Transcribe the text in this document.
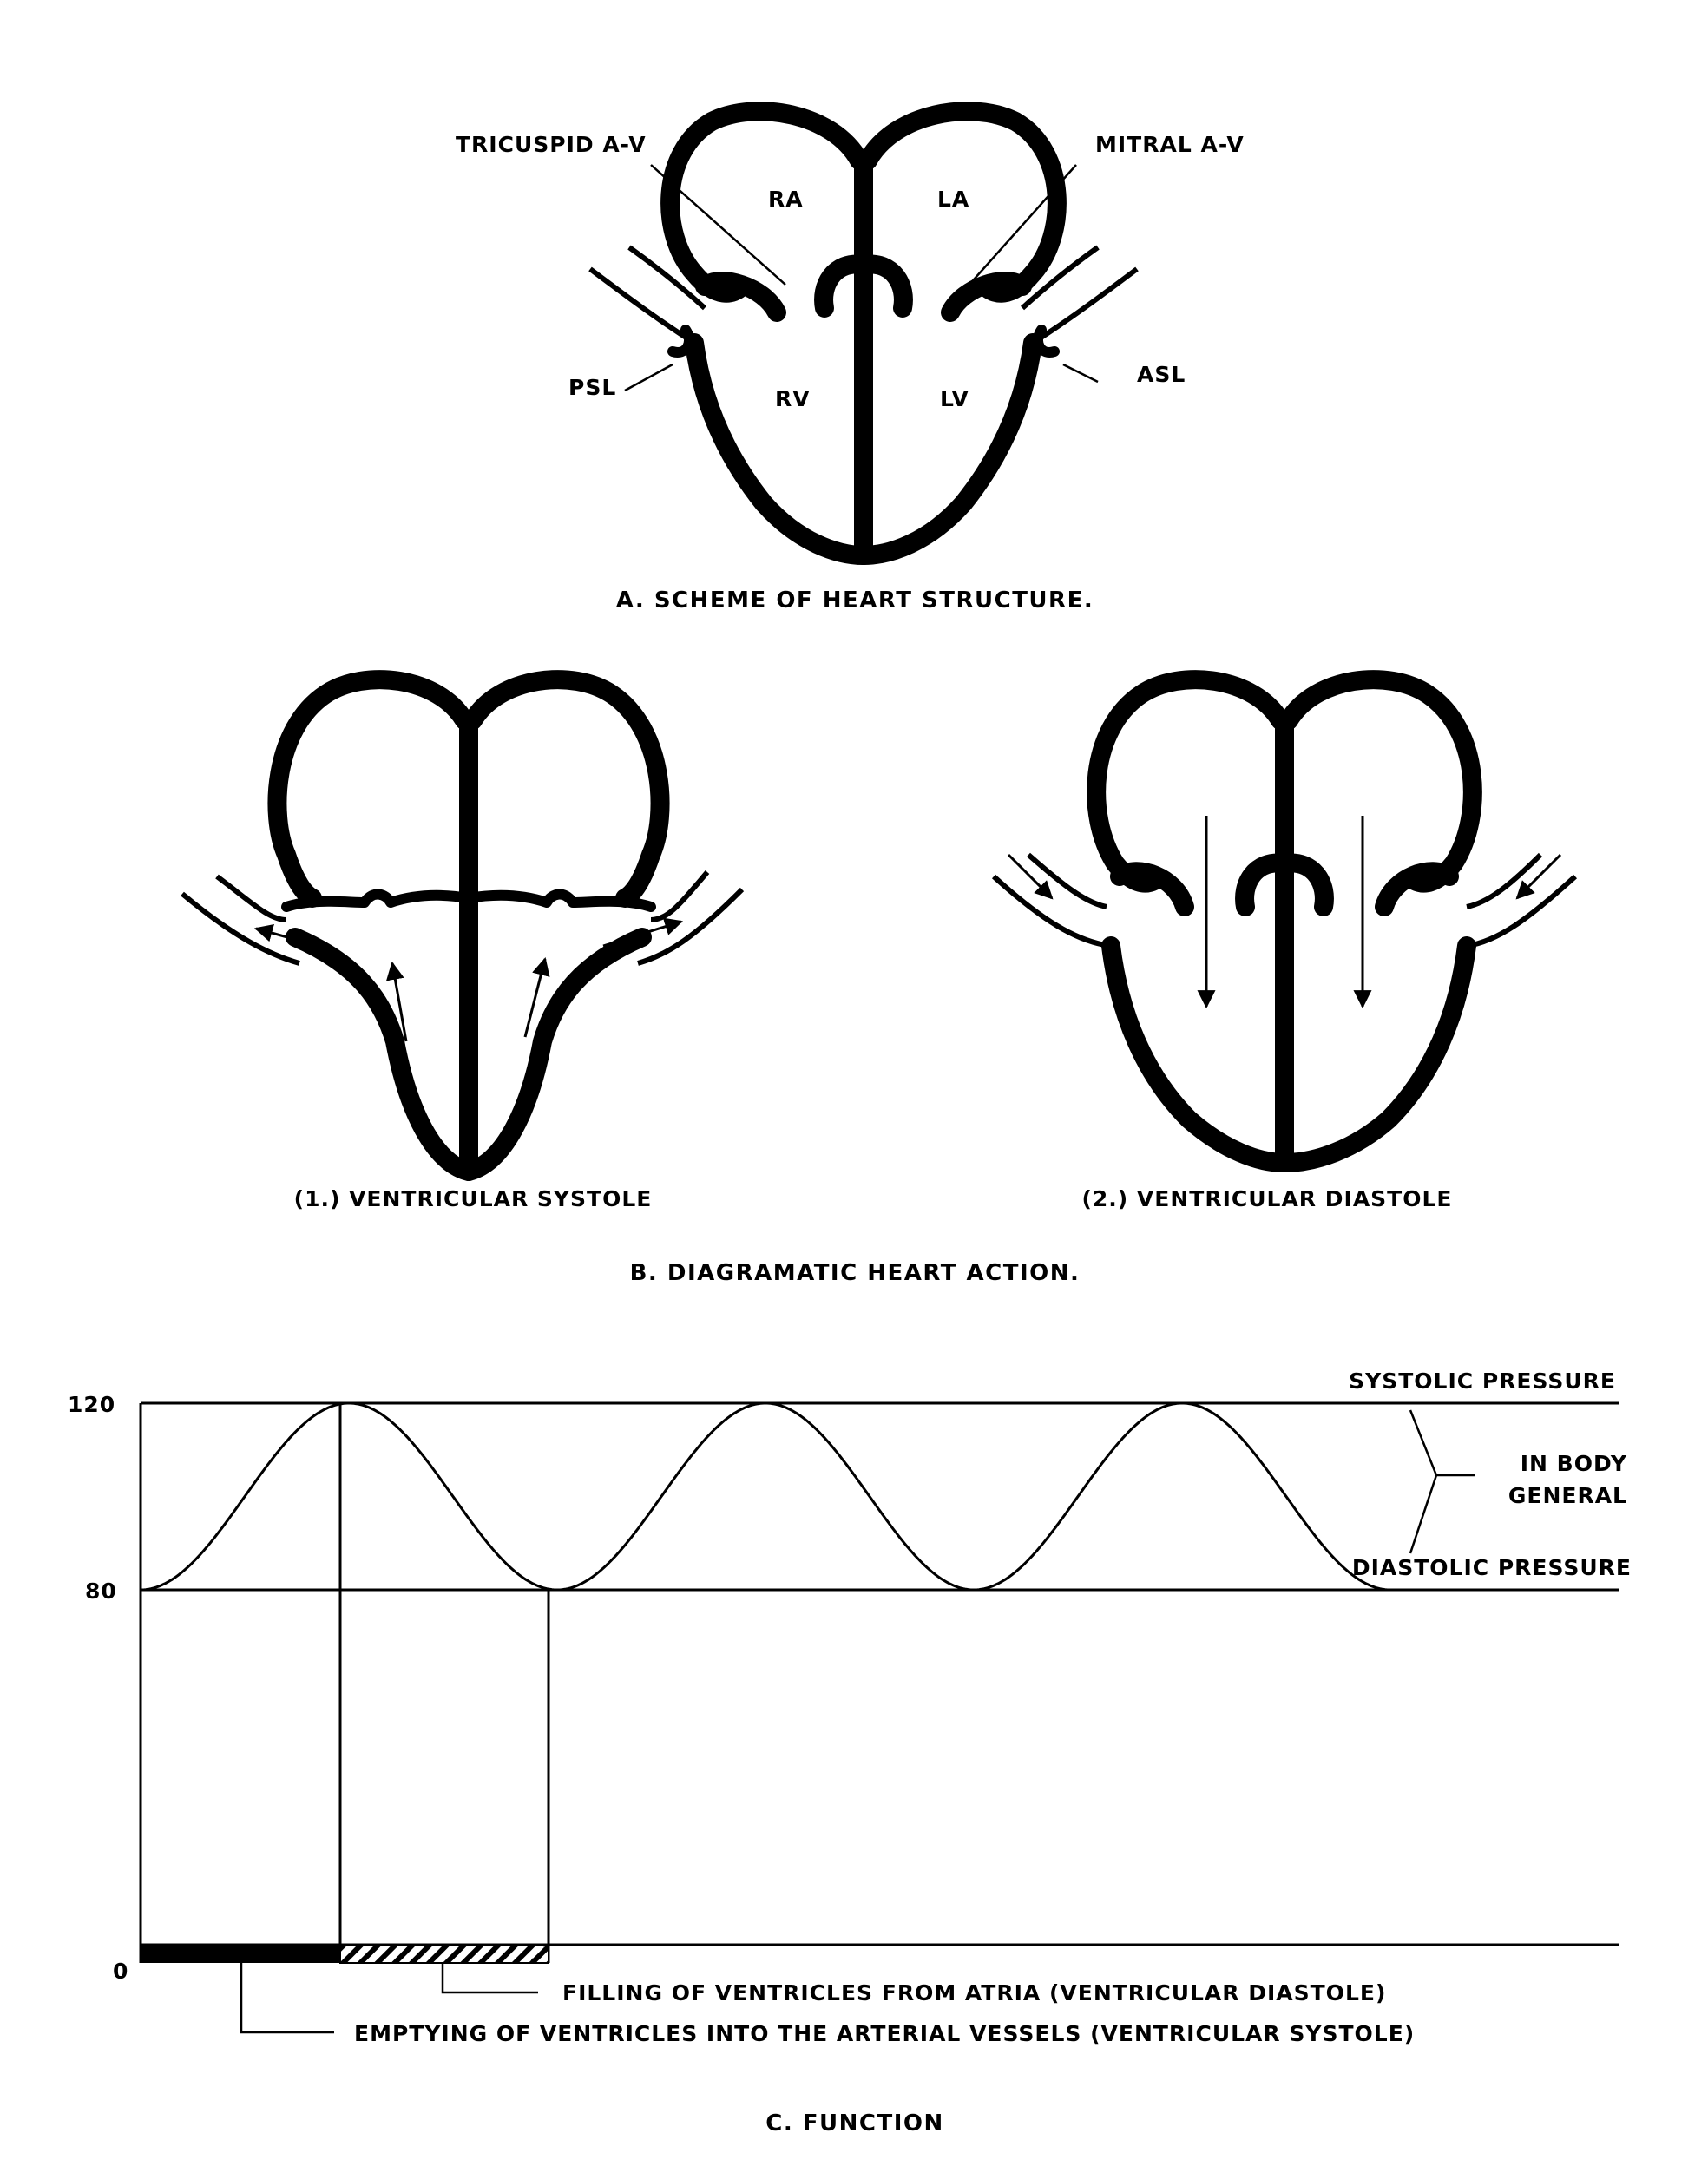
TRICUSPID A-V	MITRAL A-V
RA	LA
RV	LV
PSL
ASL
A. SCHEME OF HEART STRUCTURE.
(1.) VENTRICULAR SYSTOLE	(2.) VENTRICULAR DIASTOLE
B. DIAGRAMATIC HEART ACTION.
120
80
0
SYSTOLIC PRESSURE
DIASTOLIC PRESSURE
IN BODY
GENERAL
FILLING OF VENTRICLES FROM ATRIA (VENTRICULAR DIASTOLE)
EMPTYING OF VENTRICLES INTO THE ARTERIAL VESSELS (VENTRICULAR SYSTOLE)
C. FUNCTION
